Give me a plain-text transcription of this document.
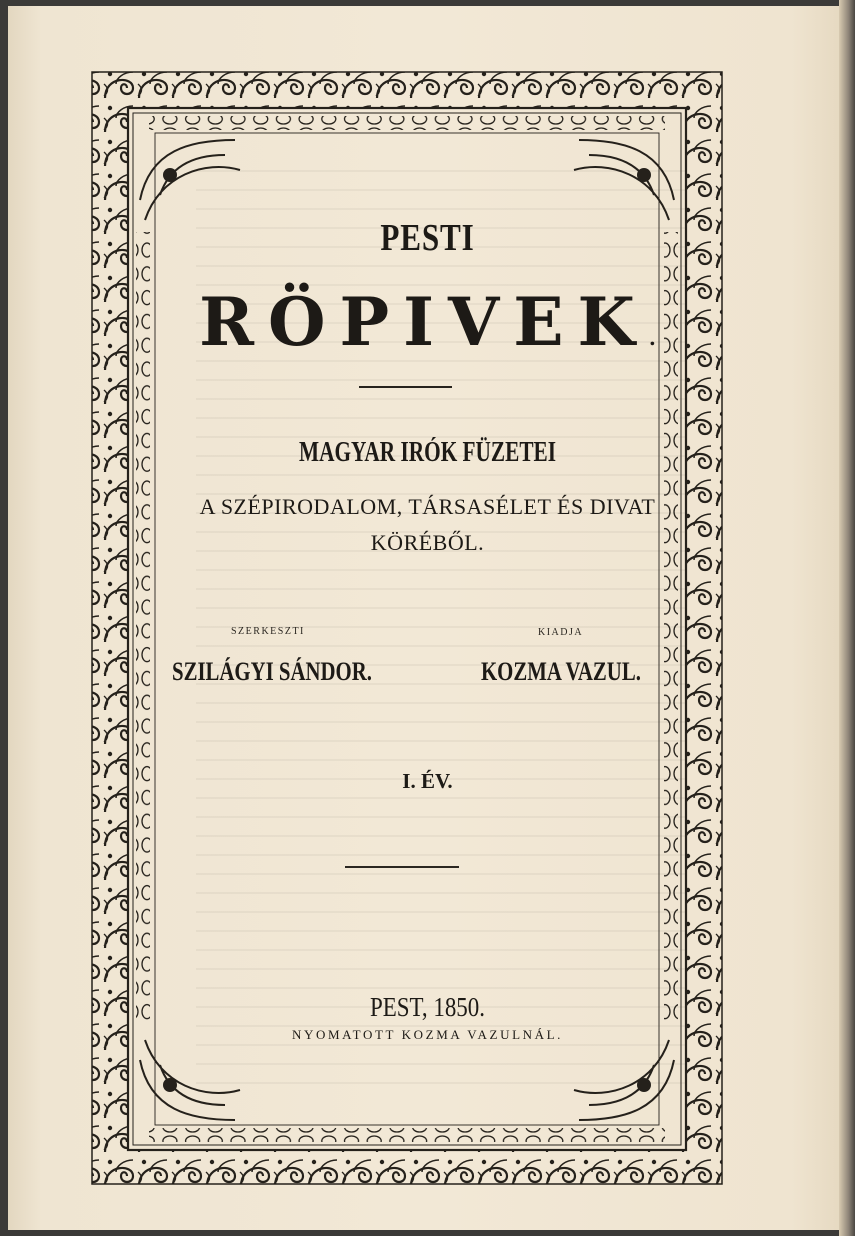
PESTI

RÖPIVEK.

MAGYAR IRÓK FÜZETEI

A SZÉPIRODALOM, TÁRSASÉLET ÉS DIVAT

KÖRÉBŐL.

SZERKESZTI	KIADJA
SZILÁGYI SÁNDOR.	KOZMA VAZUL.

I. ÉV.

PEST, 1850.

NYOMATOTT KOZMA VAZULNÁL.
